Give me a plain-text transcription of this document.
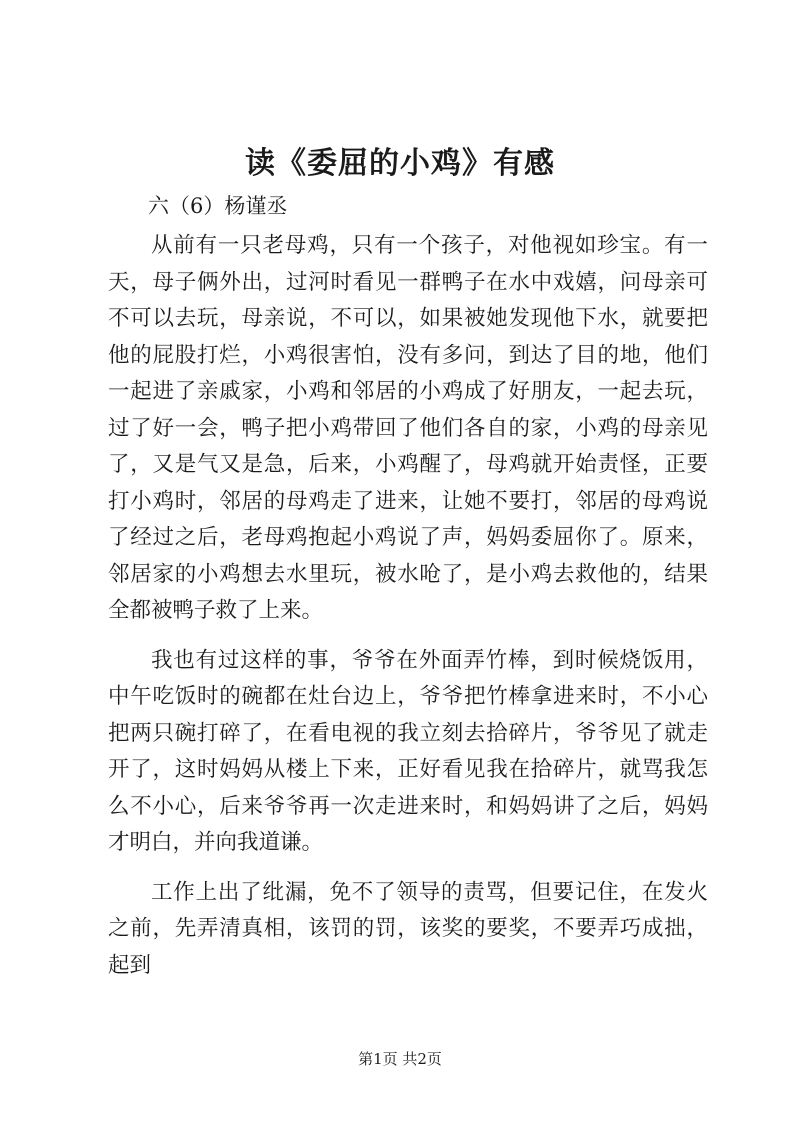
读《委屈的小鸡》有感

六（6）杨谨丞

从前有一只老母鸡，只有一个孩子，对他视如珍宝。有一天，母子俩外出，过河时看见一群鸭子在水中戏嬉，问母亲可不可以去玩，母亲说，不可以，如果被她发现他下水，就要把他的屁股打烂，小鸡很害怕，没有多问，到达了目的地，他们一起进了亲戚家，小鸡和邻居的小鸡成了好朋友，一起去玩，过了好一会，鸭子把小鸡带回了他们各自的家，小鸡的母亲见了，又是气又是急，后来，小鸡醒了，母鸡就开始责怪，正要打小鸡时，邻居的母鸡走了进来，让她不要打，邻居的母鸡说了经过之后，老母鸡抱起小鸡说了声，妈妈委屈你了。原来，邻居家的小鸡想去水里玩，被水呛了，是小鸡去救他的，结果全都被鸭子救了上来。

我也有过这样的事，爷爷在外面弄竹棒，到时候烧饭用，中午吃饭时的碗都在灶台边上，爷爷把竹棒拿进来时，不小心把两只碗打碎了，在看电视的我立刻去拾碎片，爷爷见了就走开了，这时妈妈从楼上下来，正好看见我在拾碎片，就骂我怎么不小心，后来爷爷再一次走进来时，和妈妈讲了之后，妈妈才明白，并向我道谦。

工作上出了纰漏，免不了领导的责骂，但要记住，在发火之前，先弄清真相，该罚的罚，该奖的要奖，不要弄巧成拙，起到

第1页 共2页
